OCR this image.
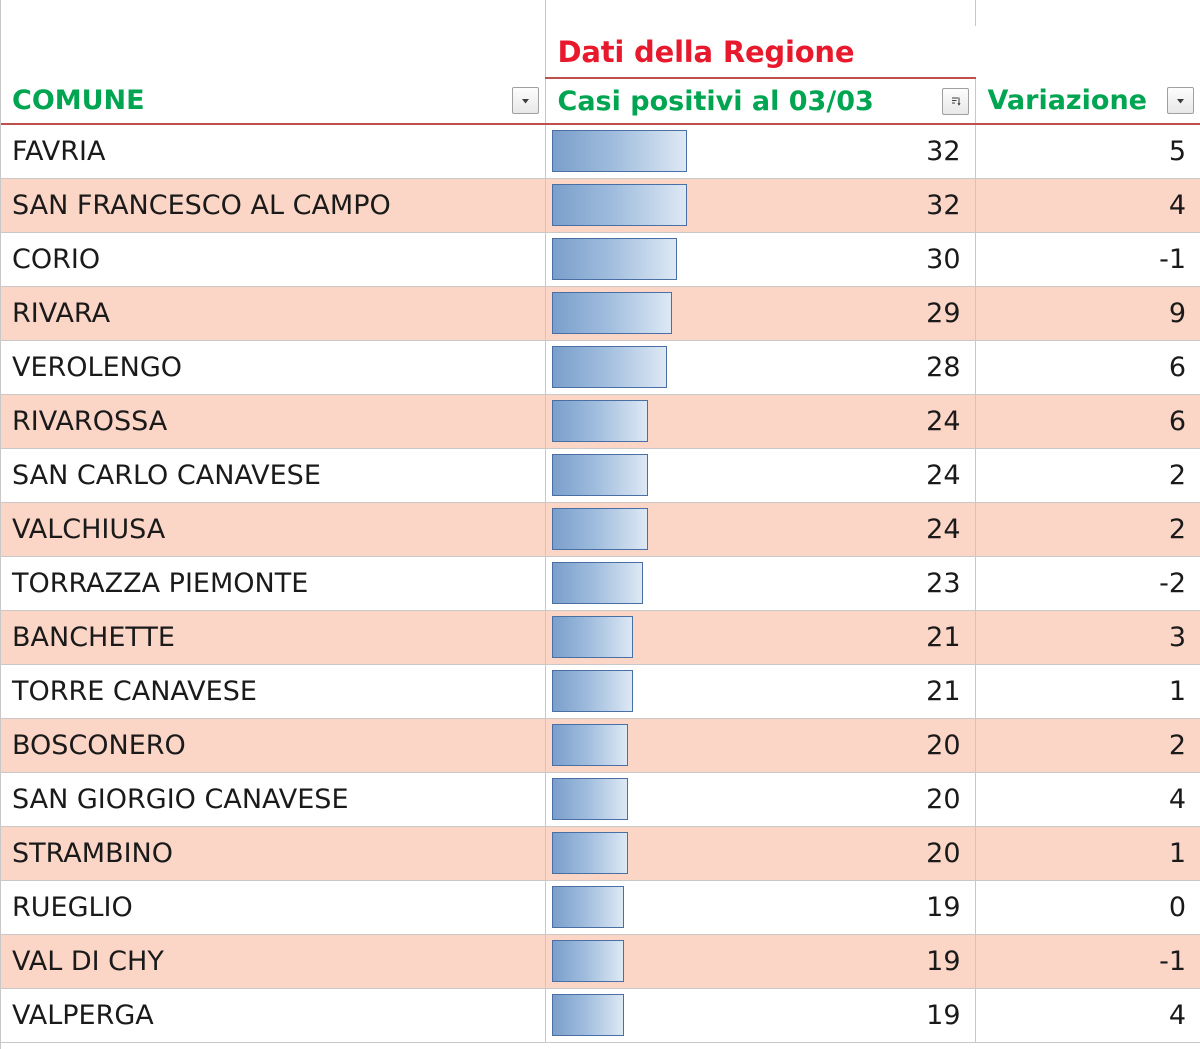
	Dati della Regione	

COMUNE	Casi positivi al 03/03	Variazione

FAVRIA	32	5
SAN FRANCESCO AL CAMPO	32	4
CORIO	30	-1
RIVARA	29	9
VEROLENGO	28	6
RIVAROSSA	24	6
SAN CARLO CANAVESE	24	2
VALCHIUSA	24	2
TORRAZZA PIEMONTE	23	-2
BANCHETTE	21	3
TORRE CANAVESE	21	1
BOSCONERO	20	2
SAN GIORGIO CANAVESE	20	4
STRAMBINO	20	1
RUEGLIO	19	0
VAL DI CHY	19	-1
VALPERGA	19	4
